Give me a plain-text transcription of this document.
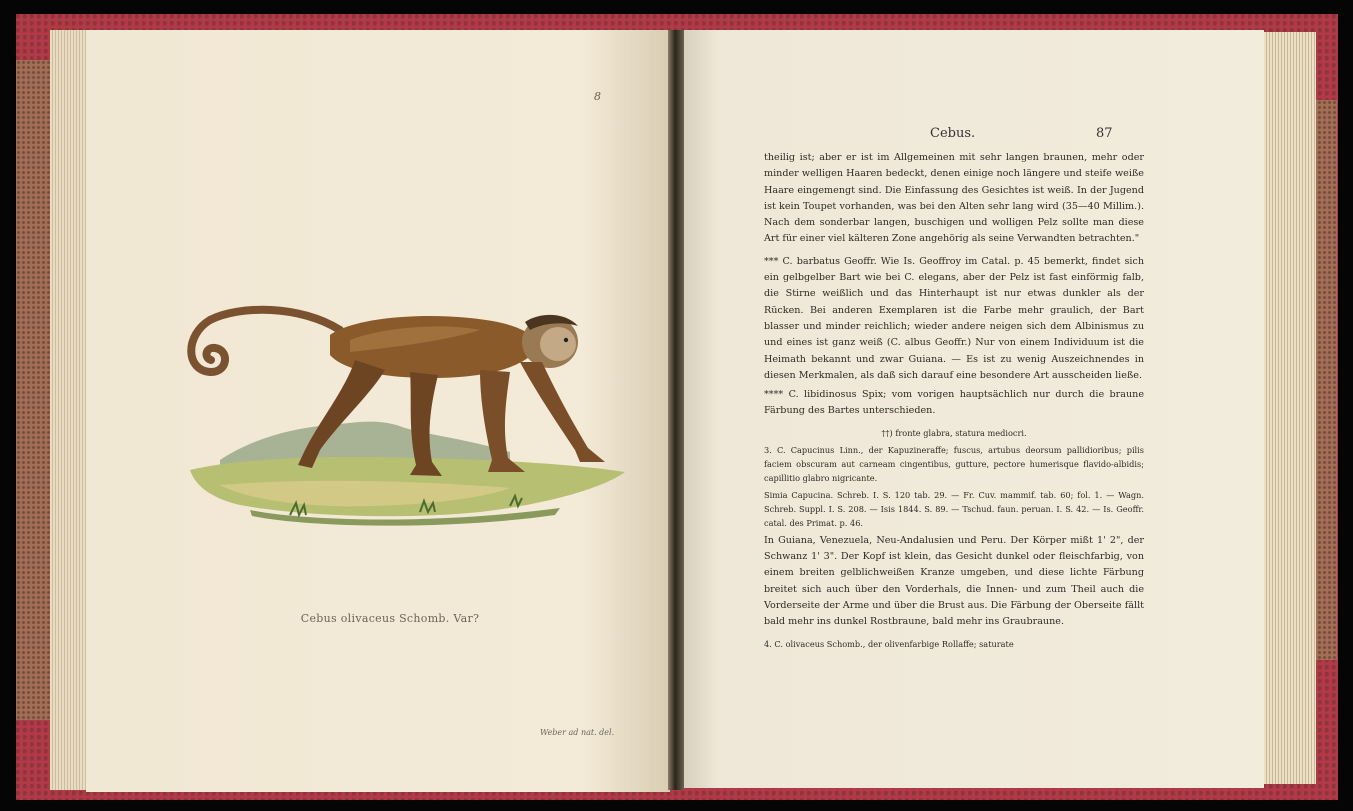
8
Cebus olivaceus Schomb. Var?
Weber ad nat. del.
Cebus.	87

theilig ist; aber er ist im Allgemeinen mit sehr langen braunen, mehr oder minder welligen Haaren bedeckt, denen einige noch längere und steife weiße Haare eingemengt sind. Die Einfassung des Gesichtes ist weiß. In der Jugend ist kein Toupet vorhanden, was bei den Alten sehr lang wird (35—40 Millim.). Nach dem sonderbar langen, buschigen und wolligen Pelz sollte man diese Art für einer viel kälteren Zone angehörig als seine Verwandten betrachten."

*** C. barbatus Geoffr. Wie Is. Geoffroy im Catal. p. 45 bemerkt, findet sich ein gelbgelber Bart wie bei C. elegans, aber der Pelz ist fast einförmig falb, die Stirne weißlich und das Hinterhaupt ist nur etwas dunkler als der Rücken. Bei anderen Exemplaren ist die Farbe mehr graulich, der Bart blasser und minder reichlich; wieder andere neigen sich dem Albinismus zu und eines ist ganz weiß (C. albus Geoffr.) Nur von einem Individuum ist die Heimath bekannt und zwar Guiana. — Es ist zu wenig Auszeichnendes in diesen Merkmalen, als daß sich darauf eine besondere Art ausscheiden ließe.

**** C. libidinosus Spix; vom vorigen hauptsächlich nur durch die braune Färbung des Bartes unterschieden.

††) fronte glabra, statura mediocri.

3. C. Capucinus Linn., der Kapuzineraffe; fuscus, artubus deorsum pallidioribus; pilis faciem obscuram aut carneam cingentibus, gutture, pectore humerisque flavido-albidis; capillitio glabro nigricante.

Simia Capucina. Schreb. I. S. 120 tab. 29. — Fr. Cuv. mammif. tab. 60; fol. 1. — Wagn. Schreb. Suppl. I. S. 208. — Isis 1844. S. 89. — Tschud. faun. peruan. I. S. 42. — Is. Geoffr. catal. des Primat. p. 46.

In Guiana, Venezuela, Neu-Andalusien und Peru. Der Körper mißt 1' 2", der Schwanz 1' 3". Der Kopf ist klein, das Gesicht dunkel oder fleischfarbig, von einem breiten gelblichweißen Kranze umgeben, und diese lichte Färbung breitet sich auch über den Vorderhals, die Innen- und zum Theil auch die Vorderseite der Arme und über die Brust aus. Die Färbung der Oberseite fällt bald mehr ins dunkel Rostbraune, bald mehr ins Graubraune.

4. C. olivaceus Schomb., der olivenfarbige Rollaffe; saturate
